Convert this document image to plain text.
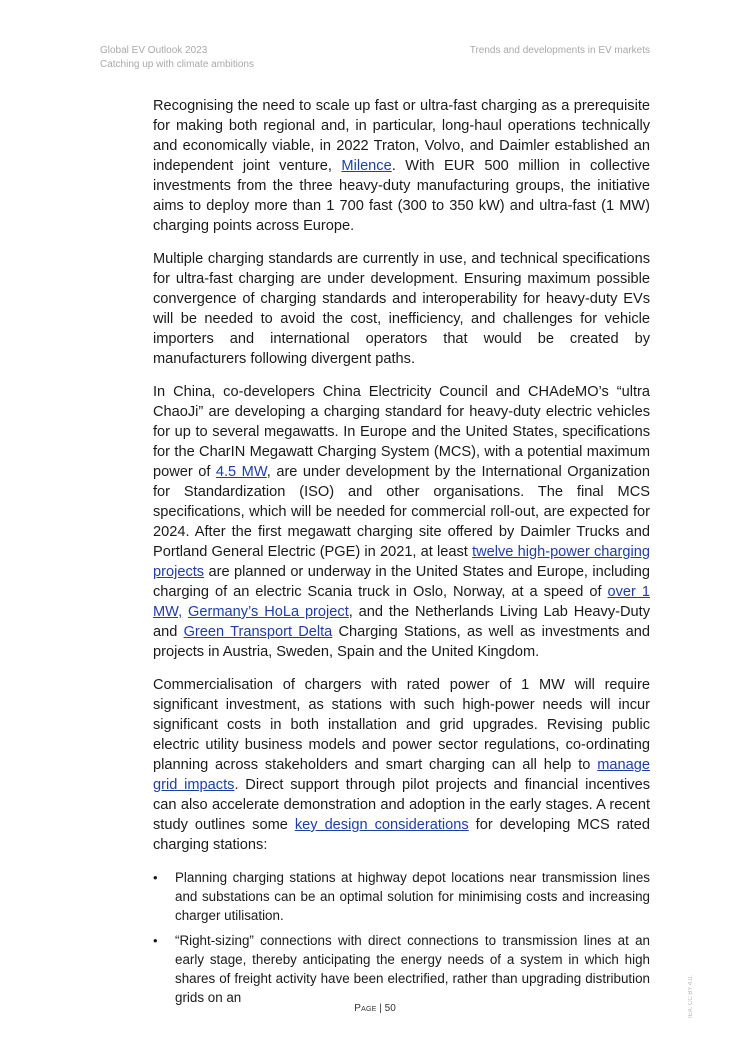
Global EV Outlook 2023
Catching up with climate ambitions
Trends and developments in EV markets

Recognising the need to scale up fast or ultra-fast charging as a prerequisite for making both regional and, in particular, long-haul operations technically and economically viable, in 2022 Traton, Volvo, and Daimler established an independent joint venture, Milence. With EUR 500 million in collective investments from the three heavy-duty manufacturing groups, the initiative aims to deploy more than 1 700 fast (300 to 350 kW) and ultra-fast (1 MW) charging points across Europe.

Multiple charging standards are currently in use, and technical specifications for ultra-fast charging are under development. Ensuring maximum possible convergence of charging standards and interoperability for heavy-duty EVs will be needed to avoid the cost, inefficiency, and challenges for vehicle importers and international operators that would be created by manufacturers following divergent paths.

In China, co-developers China Electricity Council and CHAdeMO’s “ultra ChaoJi” are developing a charging standard for heavy-duty electric vehicles for up to several megawatts. In Europe and the United States, specifications for the CharIN Megawatt Charging System (MCS), with a potential maximum power of 4.5 MW, are under development by the International Organization for Standardization (ISO) and other organisations. The final MCS specifications, which will be needed for commercial roll-out, are expected for 2024. After the first megawatt charging site offered by Daimler Trucks and Portland General Electric (PGE) in 2021, at least twelve high-power charging projects are planned or underway in the United States and Europe, including charging of an electric Scania truck in Oslo, Norway, at a speed of over 1 MW, Germany’s HoLa project, and the Netherlands Living Lab Heavy-Duty and Green Transport Delta Charging Stations, as well as investments and projects in Austria, Sweden, Spain and the United Kingdom.

Commercialisation of chargers with rated power of 1 MW will require significant investment, as stations with such high-power needs will incur significant costs in both installation and grid upgrades. Revising public electric utility business models and power sector regulations, co-ordinating planning across stakeholders and smart charging can all help to manage grid impacts. Direct support through pilot projects and financial incentives can also accelerate demonstration and adoption in the early stages. A recent study outlines some key design considerations for developing MCS rated charging stations:

• Planning charging stations at highway depot locations near transmission lines and substations can be an optimal solution for minimising costs and increasing charger utilisation.
• “Right-sizing” connections with direct connections to transmission lines at an early stage, thereby anticipating the energy needs of a system in which high shares of freight activity have been electrified, rather than upgrading distribution grids on an
Page | 50	IEA. CC BY 4.0.
